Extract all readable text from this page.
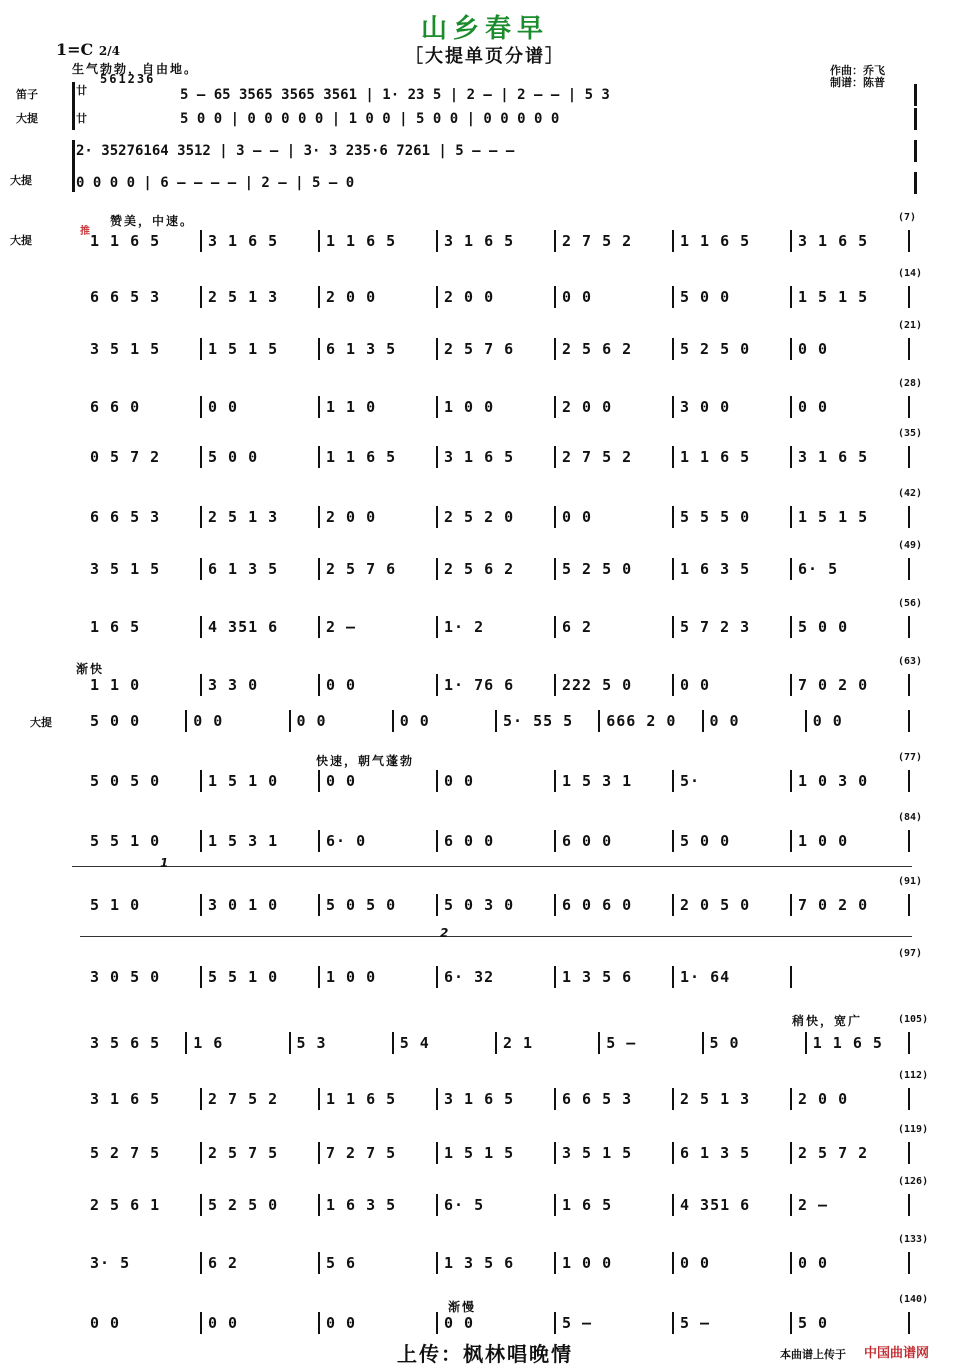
山乡春早
［大提单页分谱］
1=C 2/4
作曲：乔飞
制谱：陈普
生气勃勃，自由地。
561236
笛子
大提
廿
廿
5 — 65 3565 3565 3561 | 1· 23 5 | 2 — | 2 — — | 5 3
5 0 0 | 0 0 0 0 0 | 1 0 0 | 5 0 0 | 0 0 0 0 0
大提
2· 35276164 3512 | 3 — — | 3· 3 235·6 7261 | 5 — — —
0 0 0 0 | 6 — — — — | 2 — | 5 — 0
赞美，中速。
大提
推
渐快
大提
快速，朝气蓬勃
稍快，宽广
渐慢
1
2
1 1 6 5	3 1 6 5	1 1 6 5	3 1 6 5	2 7 5 2	1 1 6 5	3 1 6 5
(7)
6 6 5 3	2 5 1 3	2 0 0	2 0 0	0 0	5 0 0	1 5 1 5
(14)
3 5 1 5	1 5 1 5	6 1 3 5	2 5 7 6	2 5 6 2	5 2 5 0	0 0
(21)
6 6 0	0 0	1 1 0	1 0 0	2 0 0	3 0 0	0 0
(28)
0 5 7 2	5 0 0	1 1 6 5	3 1 6 5	2 7 5 2	1 1 6 5	3 1 6 5
(35)
6 6 5 3	2 5 1 3	2 0 0	2 5 2 0	0 0	5 5 5 0	1 5 1 5
(42)
3 5 1 5	6 1 3 5	2 5 7 6	2 5 6 2	5 2 5 0	1 6 3 5	6· 5
(49)
1 6 5	4 351 6	2 —	1· 2	6 2	5 7 2 3	5 0 0
(56)
1 1 0	3 3 0	0 0	1· 76 6	222 5 0	0 0	7 0 2 0
(63)
5 0 0	0 0	0 0	0 0	5· 55 5	666 2 0	0 0	0 0
5 0 5 0	1 5 1 0	0 0	0 0	1 5 3 1	5·	1 0 3 0
(77)
5 5 1 0	1 5 3 1	6· 0	6 0 0	6 0 0	5 0 0	1 0 0
(84)
5 1 0	3 0 1 0	5 0 5 0	5 0 3 0	6 0 6 0	2 0 5 0	7 0 2 0
(91)
3 0 5 0	5 5 1 0	1 0 0	6· 32	1 3 5 6	1· 64
(97)
3 5 6 5	1 6	5 3	5 4	2 1	5 —	5 0	1 1 6 5
(105)
3 1 6 5	2 7 5 2	1 1 6 5	3 1 6 5	6 6 5 3	2 5 1 3	2 0 0
(112)
5 2 7 5	2 5 7 5	7 2 7 5	1 5 1 5	3 5 1 5	6 1 3 5	2 5 7 2
(119)
2 5 6 1	5 2 5 0	1 6 3 5	6· 5	1 6 5	4 351 6	2 —
(126)
3· 5	6 2	5 6	1 3 5 6	1 0 0	0 0	0 0
(133)
0 0	0 0	0 0	0 0	5 —	5 —	5 0
(140)
上传：枫林唱晚情	本曲谱上传于 中国曲谱网
